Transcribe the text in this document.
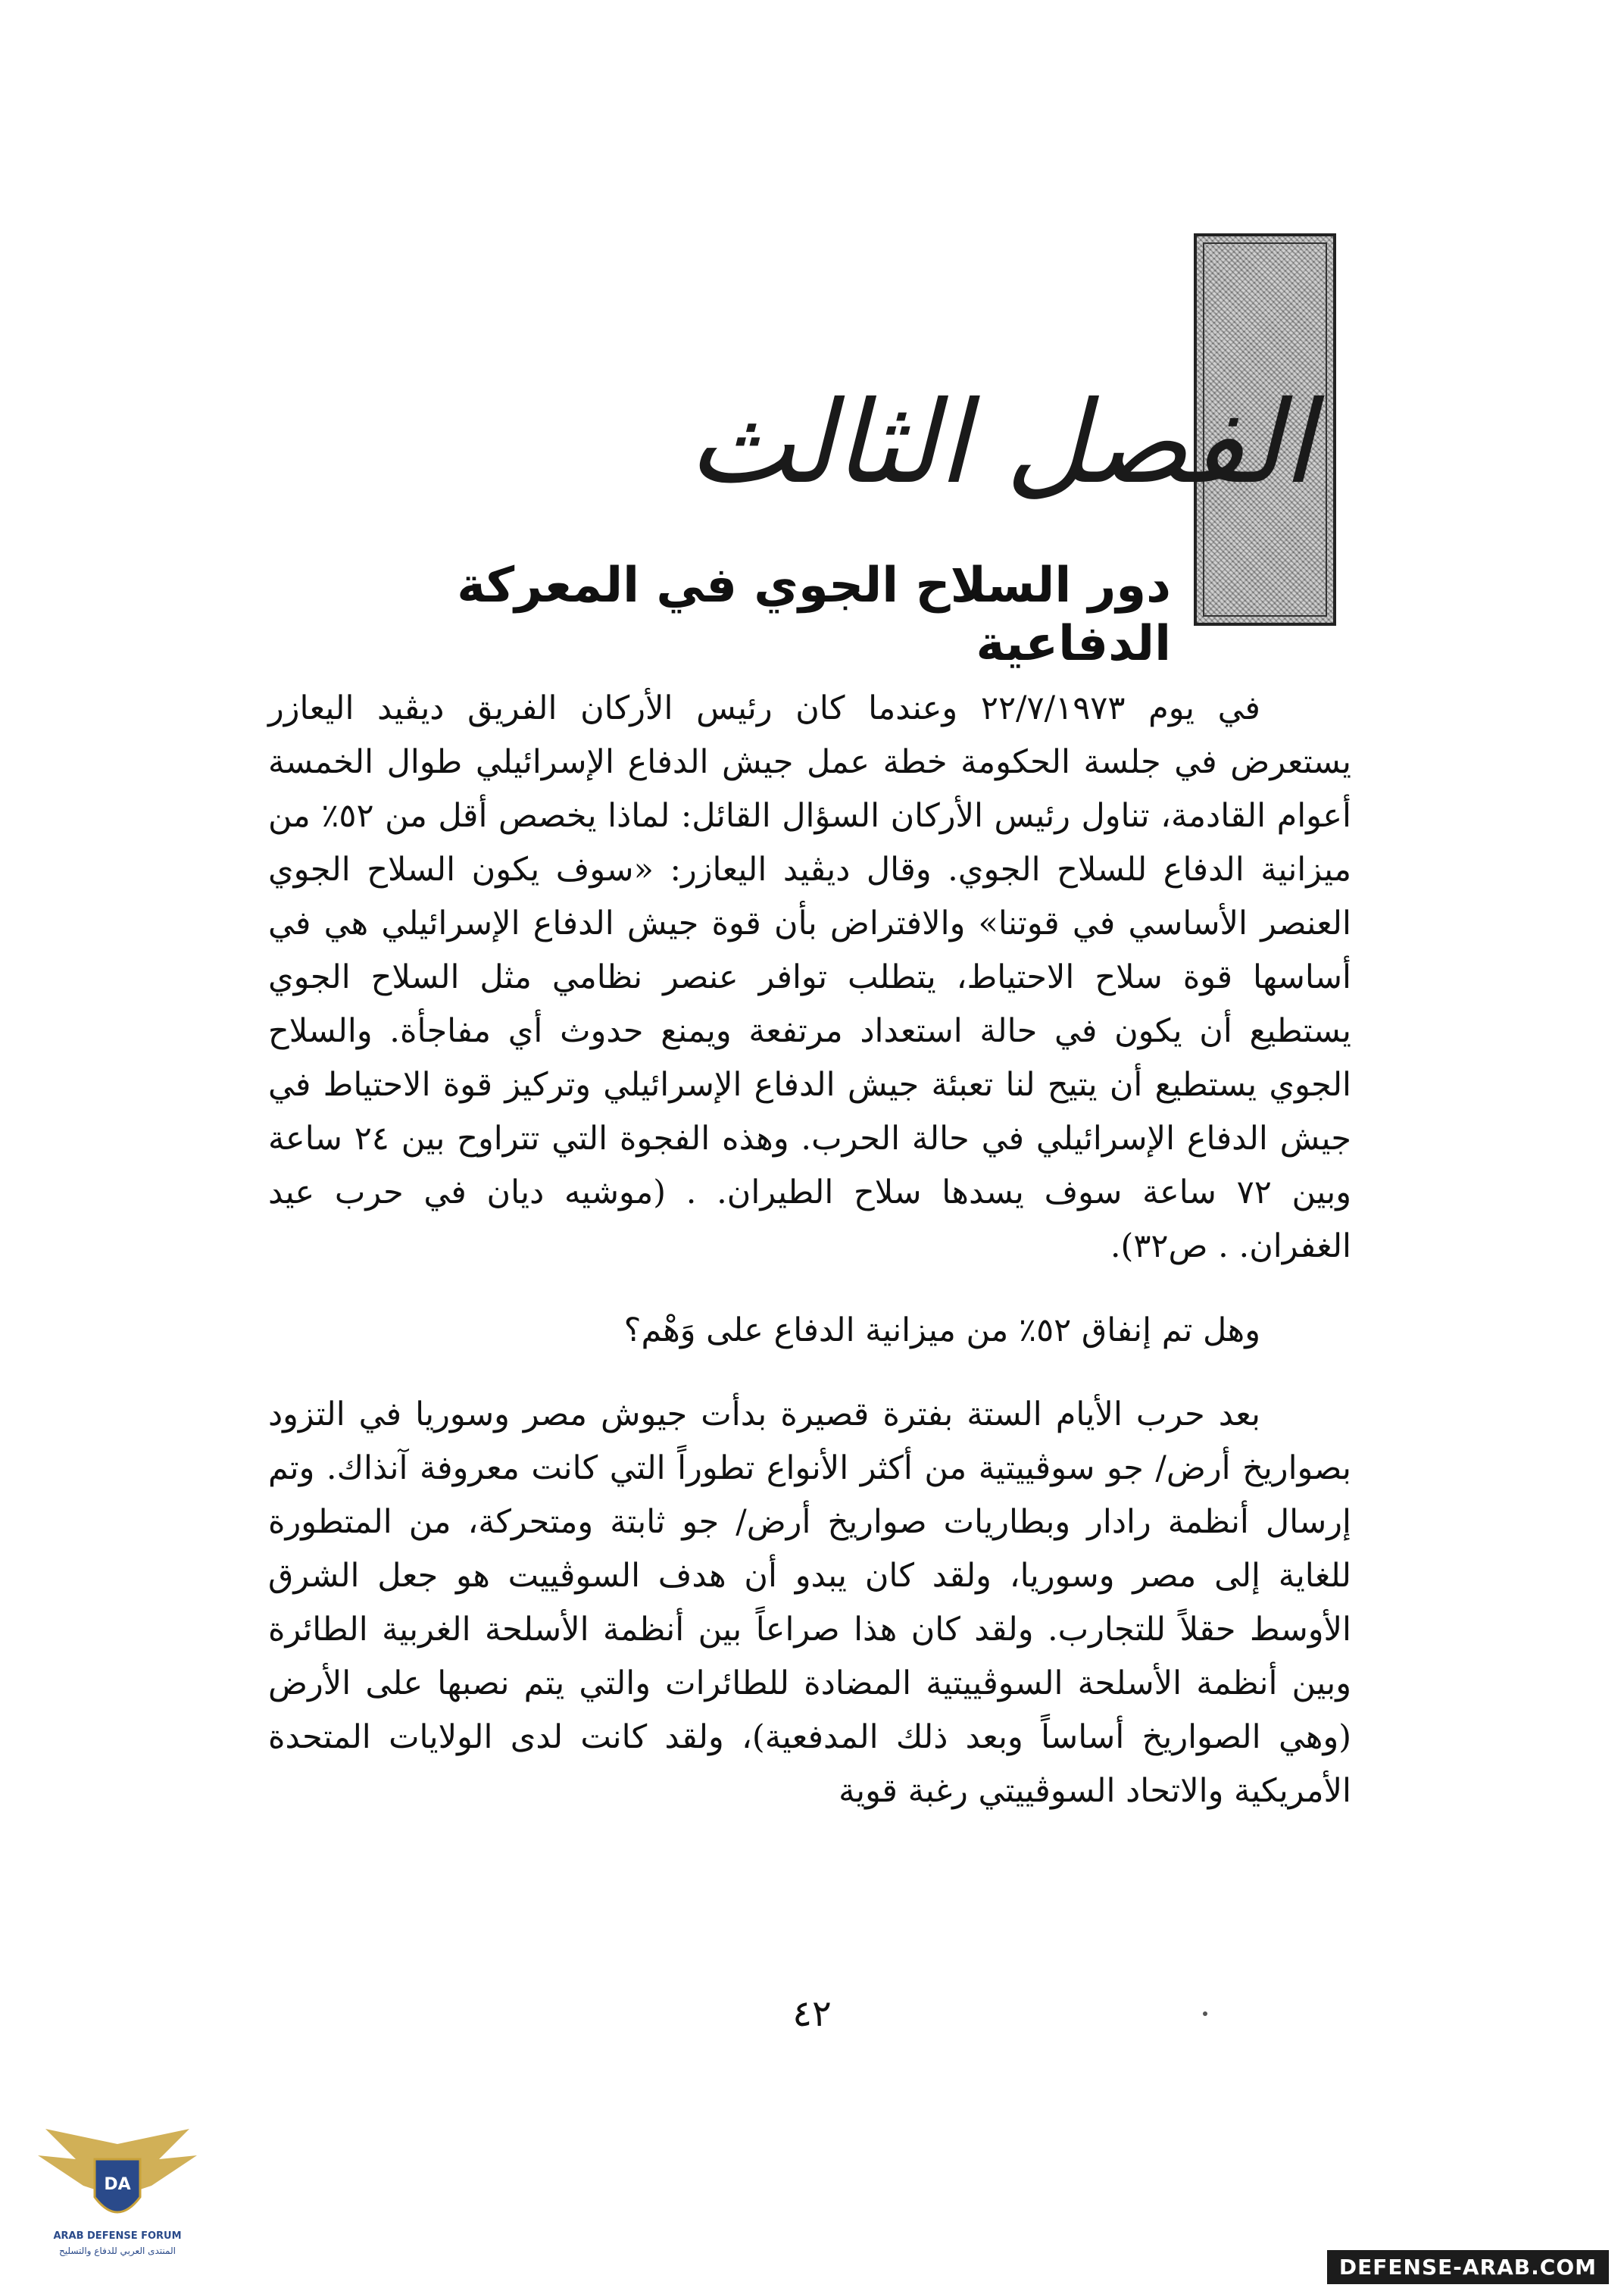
الفصل الثالث
دور السلاح الجوي في المعركة الدفاعية

في يوم ٢٢/٧/١٩٧٣ وعندما كان رئيس الأركان الفريق ديڤيد اليعازر يستعرض في جلسة الحكومة خطة عمل جيش الدفاع الإسرائيلي طوال الخمسة أعوام القادمة، تناول رئيس الأركان السؤال القائل: لماذا يخصص أقل من ٥٢٪ من ميزانية الدفاع للسلاح الجوي. وقال ديڤيد اليعازر: «سوف يكون السلاح الجوي العنصر الأساسي في قوتنا» والافتراض بأن قوة جيش الدفاع الإسرائيلي هي في أساسها قوة سلاح الاحتياط، يتطلب توافر عنصر نظامي مثل السلاح الجوي يستطيع أن يكون في حالة استعداد مرتفعة ويمنع حدوث أي مفاجأة. والسلاح الجوي يستطيع أن يتيح لنا تعبئة جيش الدفاع الإسرائيلي وتركيز قوة الاحتياط في جيش الدفاع الإسرائيلي في حالة الحرب. وهذه الفجوة التي تتراوح بين ٢٤ ساعة وبين ٧٢ ساعة سوف يسدها سلاح الطيران. . (موشيه ديان في حرب عيد الغفران. . ص٣٢).

وهل تم إنفاق ٥٢٪ من ميزانية الدفاع على وَهْم؟

بعد حرب الأيام الستة بفترة قصيرة بدأت جيوش مصر وسوريا في التزود بصواريخ أرض/ جو سوڤييتية من أكثر الأنواع تطوراً التي كانت معروفة آنذاك. وتم إرسال أنظمة رادار وبطاريات صواريخ أرض/ جو ثابتة ومتحركة، من المتطورة للغاية إلى مصر وسوريا، ولقد كان يبدو أن هدف السوڤييت هو جعل الشرق الأوسط حقلاً للتجارب. ولقد كان هذا صراعاً بين أنظمة الأسلحة الغربية الطائرة وبين أنظمة الأسلحة السوڤييتية المضادة للطائرات والتي يتم نصبها على الأرض (وهي الصواريخ أساساً وبعد ذلك المدفعية)، ولقد كانت لدى الولايات المتحدة الأمريكية والاتحاد السوڤييتي رغبة قوية

٤٢
DA
ARAB DEFENSE FORUM
المنتدى العربي للدفاع والتسليح
DEFENSE-ARAB.COM
